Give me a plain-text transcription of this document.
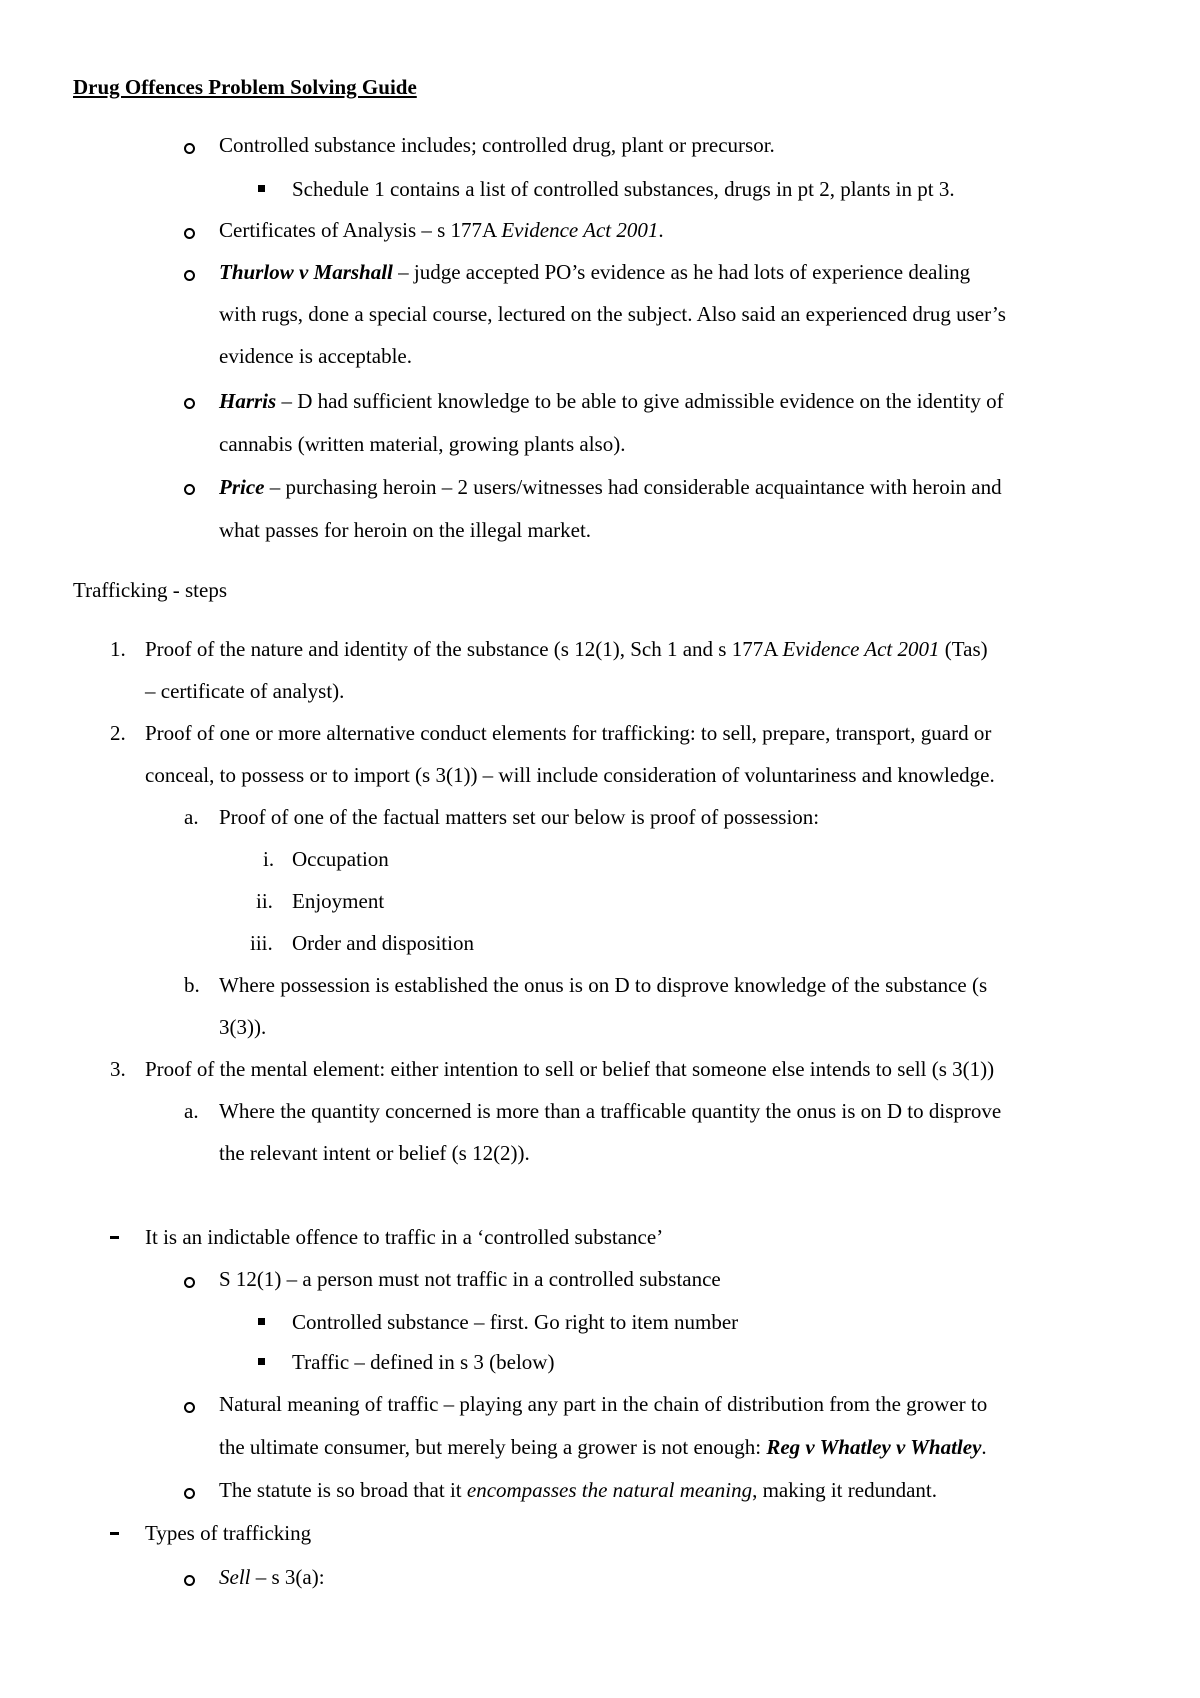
Drug Offences Problem Solving Guide
Controlled substance includes; controlled drug, plant or precursor.
Schedule 1 contains a list of controlled substances, drugs in pt 2, plants in pt 3.
Certificates of Analysis – s 177A Evidence Act 2001.
Thurlow v Marshall – judge accepted PO’s evidence as he had lots of experience dealing
with rugs, done a special course, lectured on the subject. Also said an experienced drug user’s
evidence is acceptable.
Harris – D had sufficient knowledge to be able to give admissible evidence on the identity of
cannabis (written material, growing plants also).
Price – purchasing heroin – 2 users/witnesses had considerable acquaintance with heroin and
what passes for heroin on the illegal market.
Trafficking - steps
1. Proof of the nature and identity of the substance (s 12(1), Sch 1 and s 177A Evidence Act 2001 (Tas)
– certificate of analyst).
2. Proof of one or more alternative conduct elements for trafficking: to sell, prepare, transport, guard or
conceal, to possess or to import (s 3(1)) – will include consideration of voluntariness and knowledge.
a. Proof of one of the factual matters set our below is proof of possession:
i. Occupation
ii. Enjoyment
iii. Order and disposition
b. Where possession is established the onus is on D to disprove knowledge of the substance (s
3(3)).
3. Proof of the mental element: either intention to sell or belief that someone else intends to sell (s 3(1))
a. Where the quantity concerned is more than a trafficable quantity the onus is on D to disprove
the relevant intent or belief (s 12(2)).
It is an indictable offence to traffic in a ‘controlled substance’
S 12(1) – a person must not traffic in a controlled substance
Controlled substance – first. Go right to item number
Traffic – defined in s 3 (below)
Natural meaning of traffic – playing any part in the chain of distribution from the grower to
the ultimate consumer, but merely being a grower is not enough: Reg v Whatley v Whatley.
The statute is so broad that it encompasses the natural meaning, making it redundant.
Types of trafficking
Sell – s 3(a):
